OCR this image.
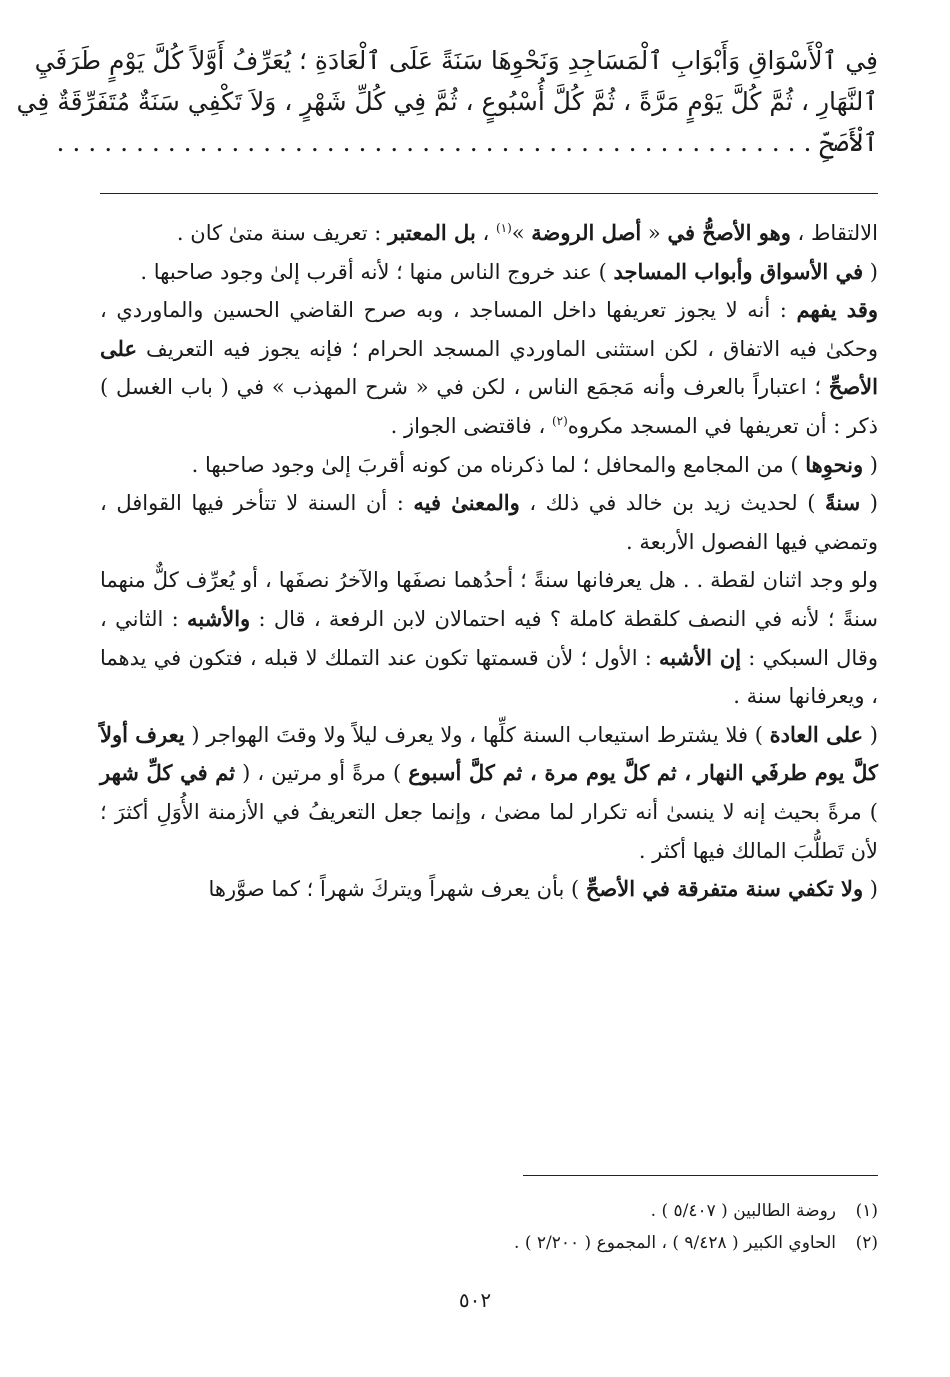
فِي ٱلْأَسْوَاقِ وَأَبْوَابِ ٱلْمَسَاجِدِ وَنَحْوِهَا سَنَةً عَلَى ٱلْعَادَةِ ؛ يُعَرِّفُ أَوَّلاً كُلَّ يَوْمٍ طَرَفَيِ
ٱلنَّهَارِ ، ثُمَّ كُلَّ يَوْمٍ مَرَّةً ، ثُمَّ كُلَّ أُسْبُوعٍ ، ثُمَّ فِي كُلِّ شَهْرٍ ، وَلاَ تَكْفِي سَنَةٌ مُتَفَرِّقَةٌ فِي
ٱلْأَصَحِّ . . . . . . . . . . . . . . . . . . . . . . . . . . . . . . . . . . . . . . . . . . . . . . . .

الالتقاط ، وهو الأصحُّ في « أصل الروضة »$^{(١)}$ ، بل المعتبر : تعريف سنة متىٰ كان .

( في الأسواق وأبواب المساجد ) عند خروج الناس منها ؛ لأنه أقرب إلىٰ وجود صاحبها .

وقد يفهم : أنه لا يجوز تعريفها داخل المساجد ، وبه صرح القاضي الحسين والماوردي ، وحكىٰ فيه الاتفاق ، لكن استثنى الماوردي المسجد الحرام ؛ فإنه يجوز فيه التعريف على الأصحِّ ؛ اعتباراً بالعرف وأنه مَجمَع الناس ، لكن في « شرح المهذب » في ( باب الغسل ) ذكر : أن تعريفها في المسجد مكروه$^{(٢)}$ ، فاقتضى الجواز .

( ونحوِها ) من المجامع والمحافل ؛ لما ذكرناه من كونه أقربَ إلىٰ وجود صاحبها .

( سنةً ) لحديث زيد بن خالد في ذلك ، والمعنىٰ فيه : أن السنة لا تتأخر فيها القوافل ، وتمضي فيها الفصول الأربعة .

ولو وجد اثنان لقطة . . هل يعرفانها سنةً ؛ أحدُهما نصفَها والآخرُ نصفَها ، أو يُعرِّف كلٌّ منهما سنةً ؛ لأنه في النصف كلقطة كاملة ؟ فيه احتمالان لابن الرفعة ، قال : والأشبه : الثاني ، وقال السبكي : إن الأشبه : الأول ؛ لأن قسمتها تكون عند التملك لا قبله ، فتكون في يدهما ، ويعرفانها سنة .

( على العادة ) فلا يشترط استيعاب السنة كلِّها ، ولا يعرف ليلاً ولا وقتَ الهواجر ( يعرف أولاً كلَّ يوم طرفَي النهار ، ثم كلَّ يوم مرة ، ثم كلَّ أسبوع ) مرةً أو مرتين ، ( ثم في كلِّ شهر ) مرةً بحيث إنه لا ينسىٰ أنه تكرار لما مضىٰ ، وإنما جعل التعريفُ في الأزمنة الأُوَلِ أكثرَ ؛ لأن تَطلُّبَ المالك فيها أكثر .

( ولا تكفي سنة متفرقة في الأصحِّ ) بأن يعرف شهراً ويتركَ شهراً ؛ كما صوَّرها

(١)روضة الطالبين ( ٥/٤٠٧ ) .
(٢)الحاوي الكبير ( ٩/٤٢٨ ) ، المجموع ( ٢/٢٠٠ ) .
٥٠٢
